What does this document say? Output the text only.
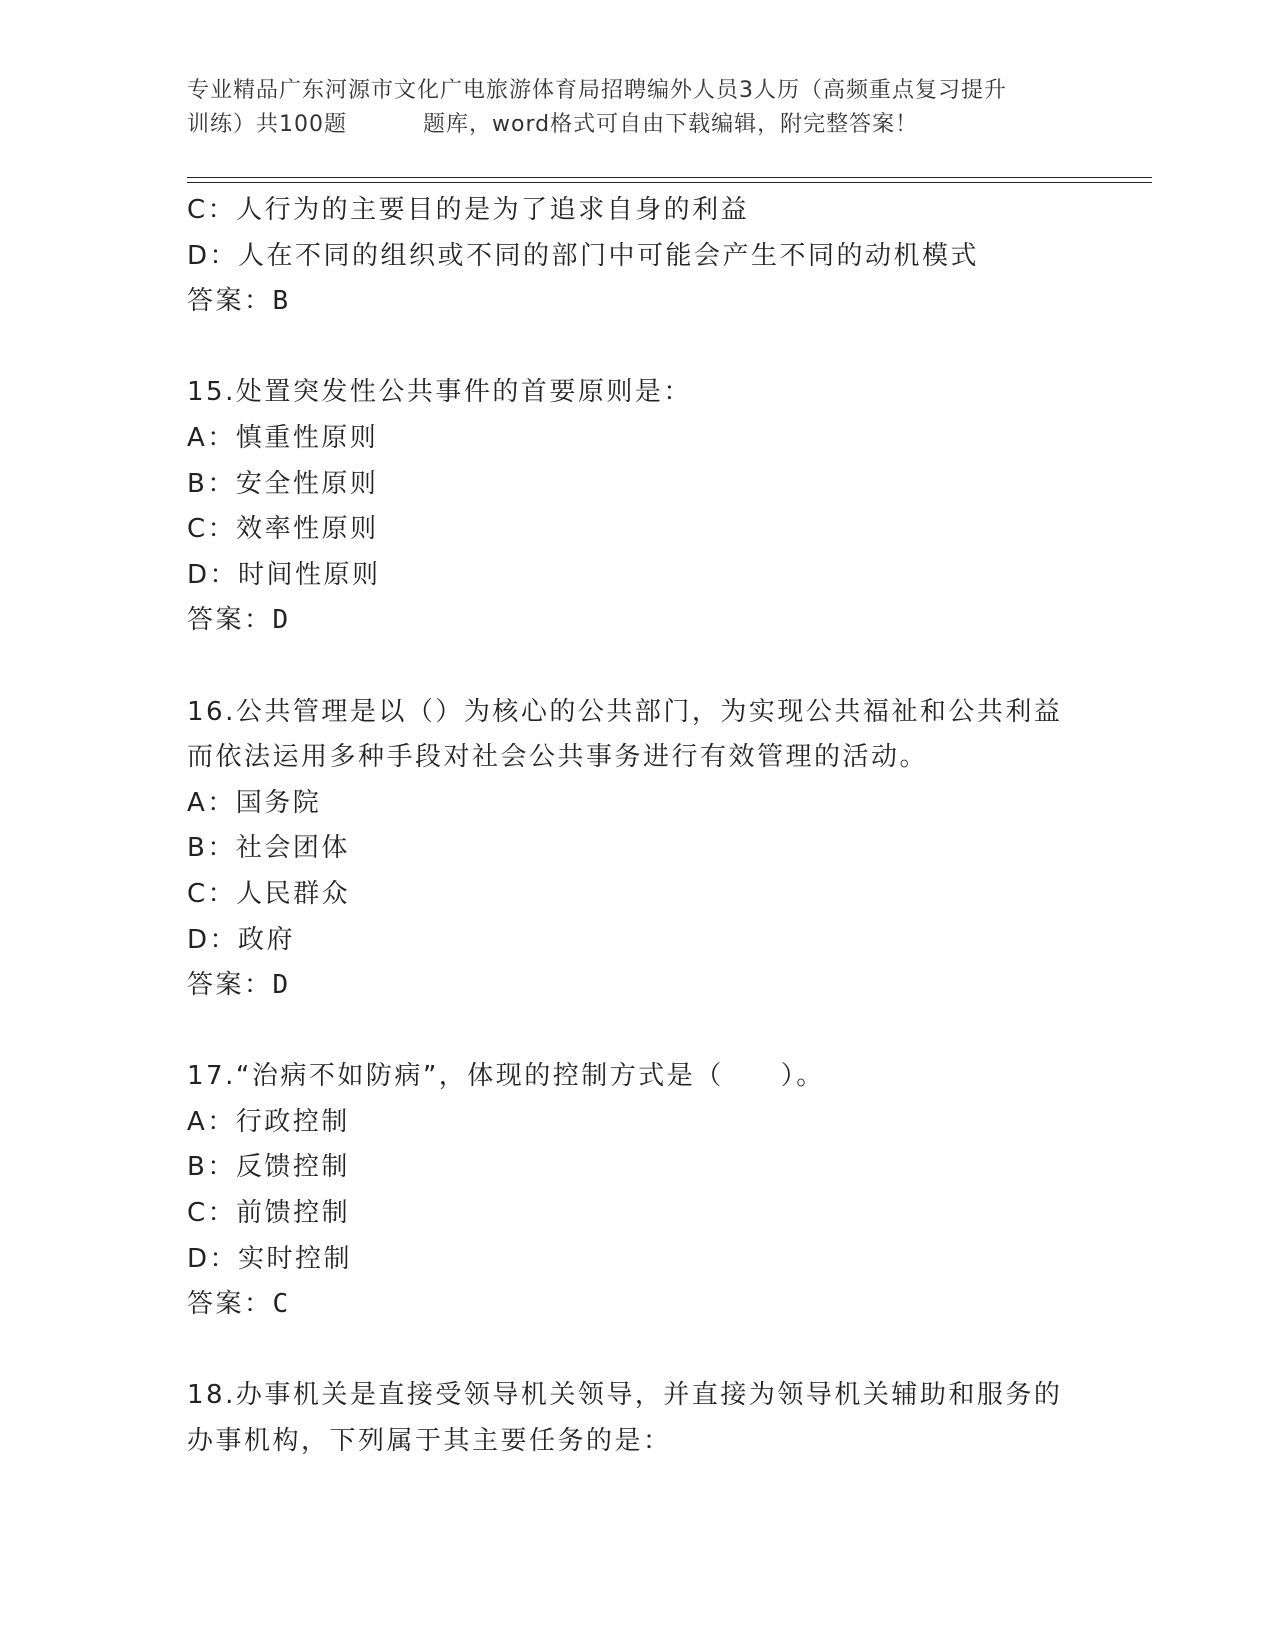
专业精品广东河源市文化广电旅游体育局招聘编外人员3人历（高频重点复习提升
训练）共100题	题库，word格式可自由下载编辑，附完整答案！
C：人行为的主要目的是为了追求自身的利益
D：人在不同的组织或不同的部门中可能会产生不同的动机模式
答案：B
15.处置突发性公共事件的首要原则是：
A：慎重性原则
B：安全性原则
C：效率性原则
D：时间性原则
答案：D
16.公共管理是以（）为核心的公共部门，为实现公共福祉和公共利益
而依法运用多种手段对社会公共事务进行有效管理的活动。
A：国务院
B：社会团体
C：人民群众
D：政府
答案：D
17.“治病不如防病”，体现的控制方式是（　　）。
A：行政控制
B：反馈控制
C：前馈控制
D：实时控制
答案：C
18.办事机关是直接受领导机关领导，并直接为领导机关辅助和服务的
办事机构，下列属于其主要任务的是：
